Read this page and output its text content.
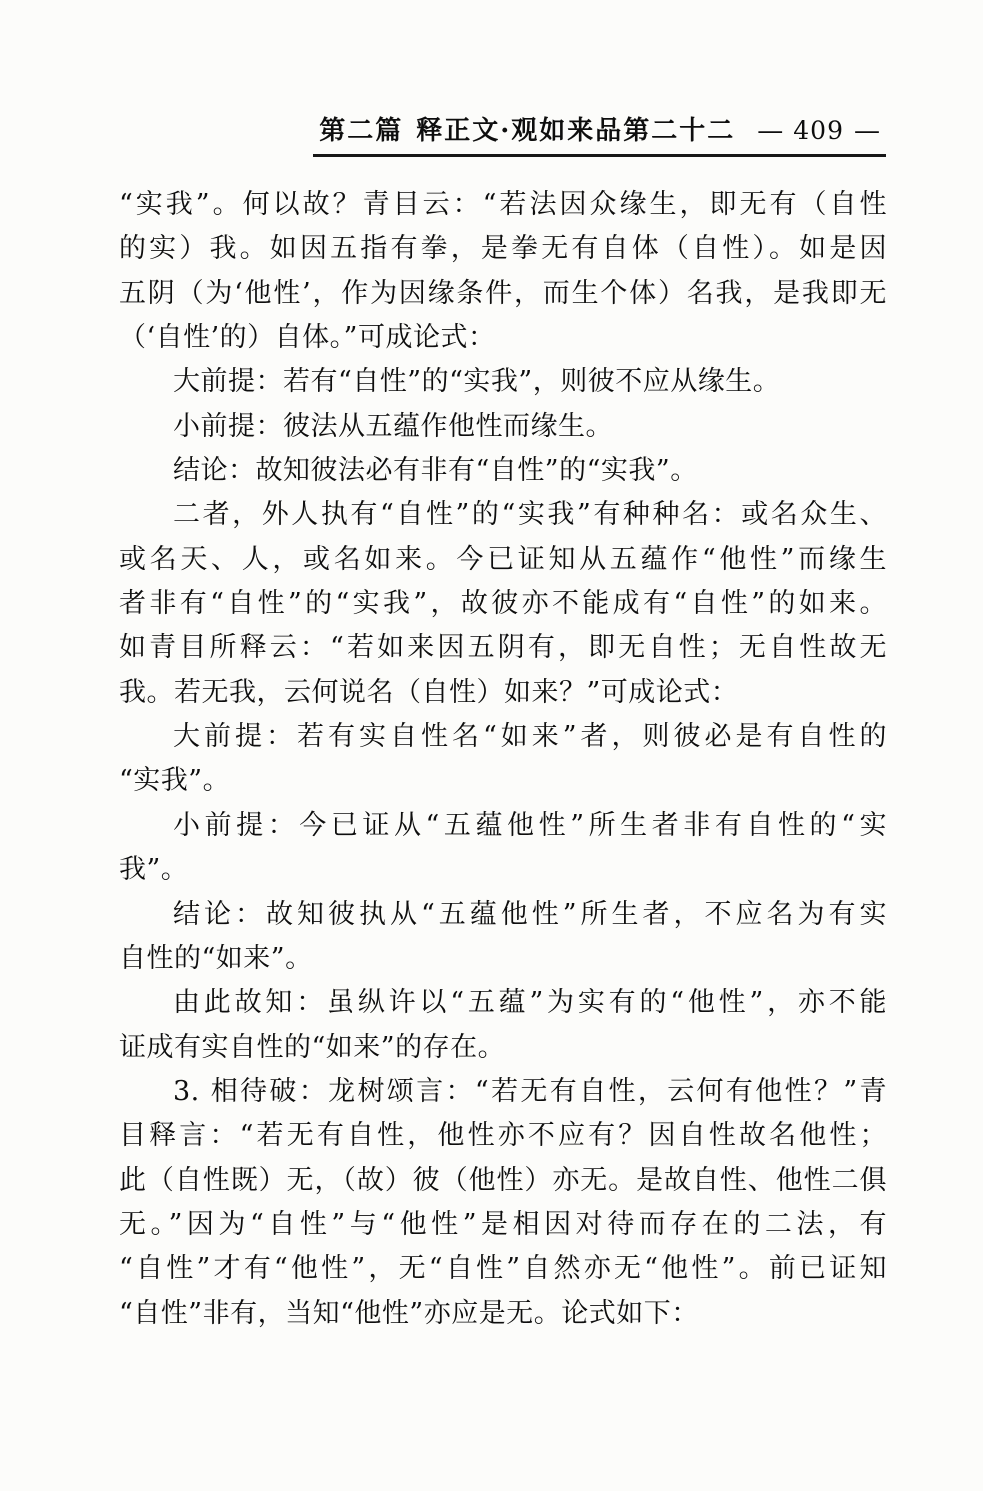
第二篇 释正文·观如来品第二十二 — 409 —
“实我”。何以故？青目云：“若法因众缘生，即无有（自性
的实）我。如因五指有拳，是拳无有自体（自性）。如是因
五阴（为‘他性’，作为因缘条件，而生个体）名我，是我即无
（‘自性’的）自体。”可成论式：
大前提：若有“自性”的“实我”，则彼不应从缘生。
小前提：彼法从五蕴作他性而缘生。
结论：故知彼法必有非有“自性”的“实我”。
二者，外人执有“自性”的“实我”有种种名：或名众生、
或名天、人，或名如来。今已证知从五蕴作“他性”而缘生
者非有“自性”的“实我”，故彼亦不能成有“自性”的如来。
如青目所释云：“若如来因五阴有，即无自性；无自性故无
我。若无我，云何说名（自性）如来？”可成论式：
大前提：若有实自性名“如来”者，则彼必是有自性的
“实我”。
小前提：今已证从“五蕴他性”所生者非有自性的“实
我”。
结论：故知彼执从“五蕴他性”所生者，不应名为有实
自性的“如来”。
由此故知：虽纵许以“五蕴”为实有的“他性”，亦不能
证成有实自性的“如来”的存在。
3. 相待破：龙树颂言：“若无有自性，云何有他性？”青
目释言：“若无有自性，他性亦不应有？因自性故名他性；
此（自性既）无，（故）彼（他性）亦无。是故自性、他性二俱
无。”因为“自性”与“他性”是相因对待而存在的二法，有
“自性”才有“他性”，无“自性”自然亦无“他性”。前已证知
“自性”非有，当知“他性”亦应是无。论式如下：
